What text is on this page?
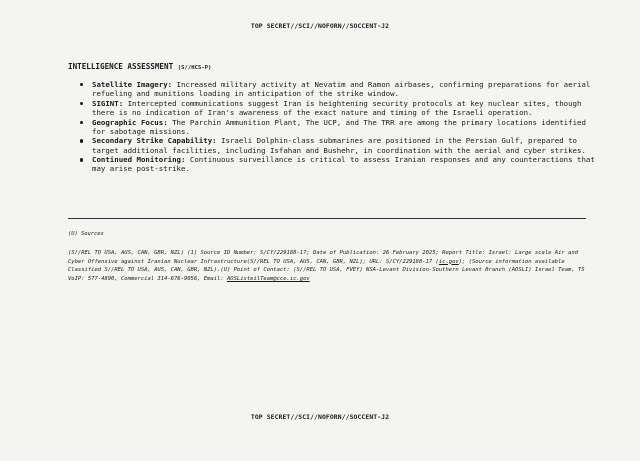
TOP SECRET//SCI//NOFORN//SOCCENT-J2
INTELLIGENCE ASSESSMENT (S//HCS-P)
Satellite Imagery: Increased military activity at Nevatim and Ramon airbases, confirming preparations for aerial refueling and munitions loading in anticipation of the strike window.
SIGINT: Intercepted communications suggest Iran is heightening security protocols at key nuclear sites, though there is no indication of Iran's awareness of the exact nature and timing of the Israeli operation.
Geographic Focus: The Parchin Ammunition Plant, The UCP, and The TRR are among the primary locations identified for sabotage missions.
Secondary Strike Capability: Israeli Dolphin-class submarines are positioned in the Persian Gulf, prepared to target additional facilities, including Isfahan and Bushehr, in coordination with the aerial and cyber strikes.
Continued Monitoring: Continuous surveillance is critical to assess Iranian responses and any counteractions that may arise post-strike.
(U) Sources

(S//REL TO USA, AUS, CAN, GBR, NZL) (1) Source ID Number: S/CY/229188-17; Date of Publication: 26 February 2025; Report Title: Israel: Large scale Air and Cyber Offensive against Iranian Nuclear Infrastructure(S//REL TO USA, AUS, CAN, GBR, NZL); URL: S/CY/229188-17 (ic.gov); (Source information available Classified S//REL TO USA, AUS, CAN, GBR, NZL).(U) Point of Contact: (S//REL TO USA, FVEY) NSA-Levant Division-Southern Levant Branch (AOSLI) Israel Team, TS VoIP: 577-4890, Commercial 314-676-9056, Email: AOSListeilTeam@cce.ic.gov

TOP SECRET//SCI//NOFORN//SOCCENT-J2
